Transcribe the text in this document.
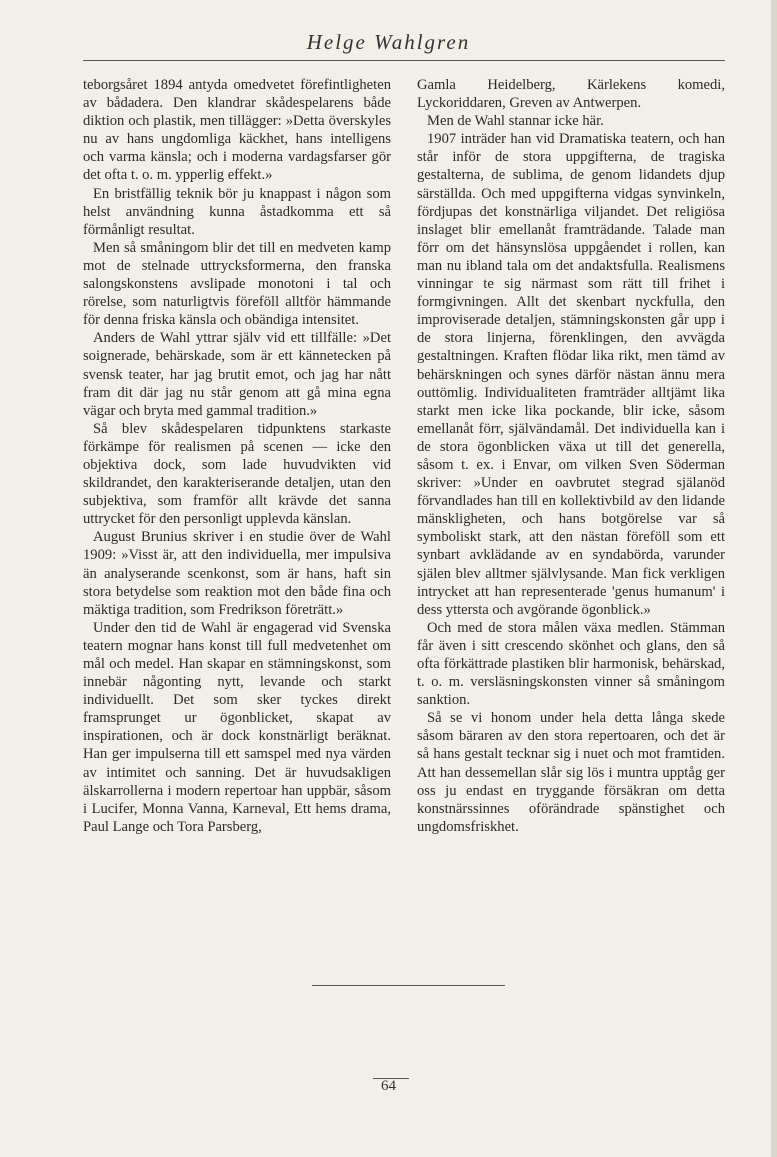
Helge Wahlgren

teborgsåret 1894 antyda omedvetet förefintligheten av bådadera. Den klandrar skådespelarens både diktion och plastik, men tillägger: »Detta överskyles nu av hans ungdomliga käckhet, hans intelligens och varma känsla; och i moderna vardagsfarser gör det ofta t. o. m. ypperlig effekt.»

En bristfällig teknik bör ju knappast i någon som helst användning kunna åstadkomma ett så förmånligt resultat.

Men så småningom blir det till en medveten kamp mot de stelnade uttrycksformerna, den franska salongskonstens avslipade monotoni i tal och rörelse, som naturligtvis föreföll alltför hämmande för denna friska känsla och obändiga intensitet.

Anders de Wahl yttrar själv vid ett tillfälle: »Det soignerade, behärskade, som är ett kännetecken på svensk teater, har jag brutit emot, och jag har nått fram dit där jag nu står genom att gå mina egna vägar och bryta med gammal tradition.»

Så blev skådespelaren tidpunktens starkaste förkämpe för realismen på scenen — icke den objektiva dock, som lade huvudvikten vid skildrandet, den karakteriserande detaljen, utan den subjektiva, som framför allt krävde det sanna uttrycket för den personligt upplevda känslan.

August Brunius skriver i en studie över de Wahl 1909: »Visst är, att den individuella, mer impulsiva än analyserande scenkonst, som är hans, haft sin stora betydelse som reaktion mot den både fina och mäktiga tradition, som Fredrikson företrätt.»

Under den tid de Wahl är engagerad vid Svenska teatern mognar hans konst till full medvetenhet om mål och medel. Han skapar en stämningskonst, som innebär någonting nytt, levande och starkt individuellt. Det som sker tyckes direkt framsprunget ur ögonblicket, skapat av inspirationen, och är dock konstnärligt beräknat. Han ger impulserna till ett samspel med nya värden av intimitet och sanning. Det är huvudsakligen älskarrollerna i modern repertoar han uppbär, såsom i Lucifer, Monna Vanna, Karneval, Ett hems drama, Paul Lange och Tora Parsberg,

Gamla Heidelberg, Kärlekens komedi, Lyckoriddaren, Greven av Antwerpen.

Men de Wahl stannar icke här.

1907 inträder han vid Dramatiska teatern, och han står inför de stora uppgifterna, de tragiska gestalterna, de sublima, de genom lidandets djup särställda. Och med uppgifterna vidgas synvinkeln, fördjupas det konstnärliga viljandet. Det religiösa inslaget blir emellanåt framträdande. Talade man förr om det hänsynslösa uppgåendet i rollen, kan man nu ibland tala om det andaktsfulla. Realismens vinningar te sig närmast som rätt till frihet i formgivningen. Allt det skenbart nyckfulla, den improviserade detaljen, stämningskonsten går upp i de stora linjerna, förenklingen, den avvägda gestaltningen. Kraften flödar lika rikt, men tämd av behärskningen och synes därför nästan ännu mera outtömlig. Individualiteten framträder alltjämt lika starkt men icke lika pockande, blir icke, såsom emellanåt förr, självändamål. Det individuella kan i de stora ögonblicken växa ut till det generella, såsom t. ex. i Envar, om vilken Sven Söderman skriver: »Under en oavbrutet stegrad själanöd förvandlades han till en kollektivbild av den lidande mänskligheten, och hans botgörelse var så symboliskt stark, att den nästan föreföll som ett synbart avklädande av en syndabörda, varunder själen blev alltmer självlysande. Man fick verkligen intrycket att han representerade 'genus humanum' i dess yttersta och avgörande ögonblick.»

Och med de stora målen växa medlen. Stämman får även i sitt crescendo skönhet och glans, den så ofta förkättrade plastiken blir harmonisk, behärskad, t. o. m. versläsningskonsten vinner så småningom sanktion.

Så se vi honom under hela detta långa skede såsom bäraren av den stora repertoaren, och det är så hans gestalt tecknar sig i nuet och mot framtiden. Att han dessemellan slår sig lös i muntra upptåg ger oss ju endast en tryggande försäkran om detta konstnärssinnes oförändrade spänstighet och ungdomsfriskhet.

64
